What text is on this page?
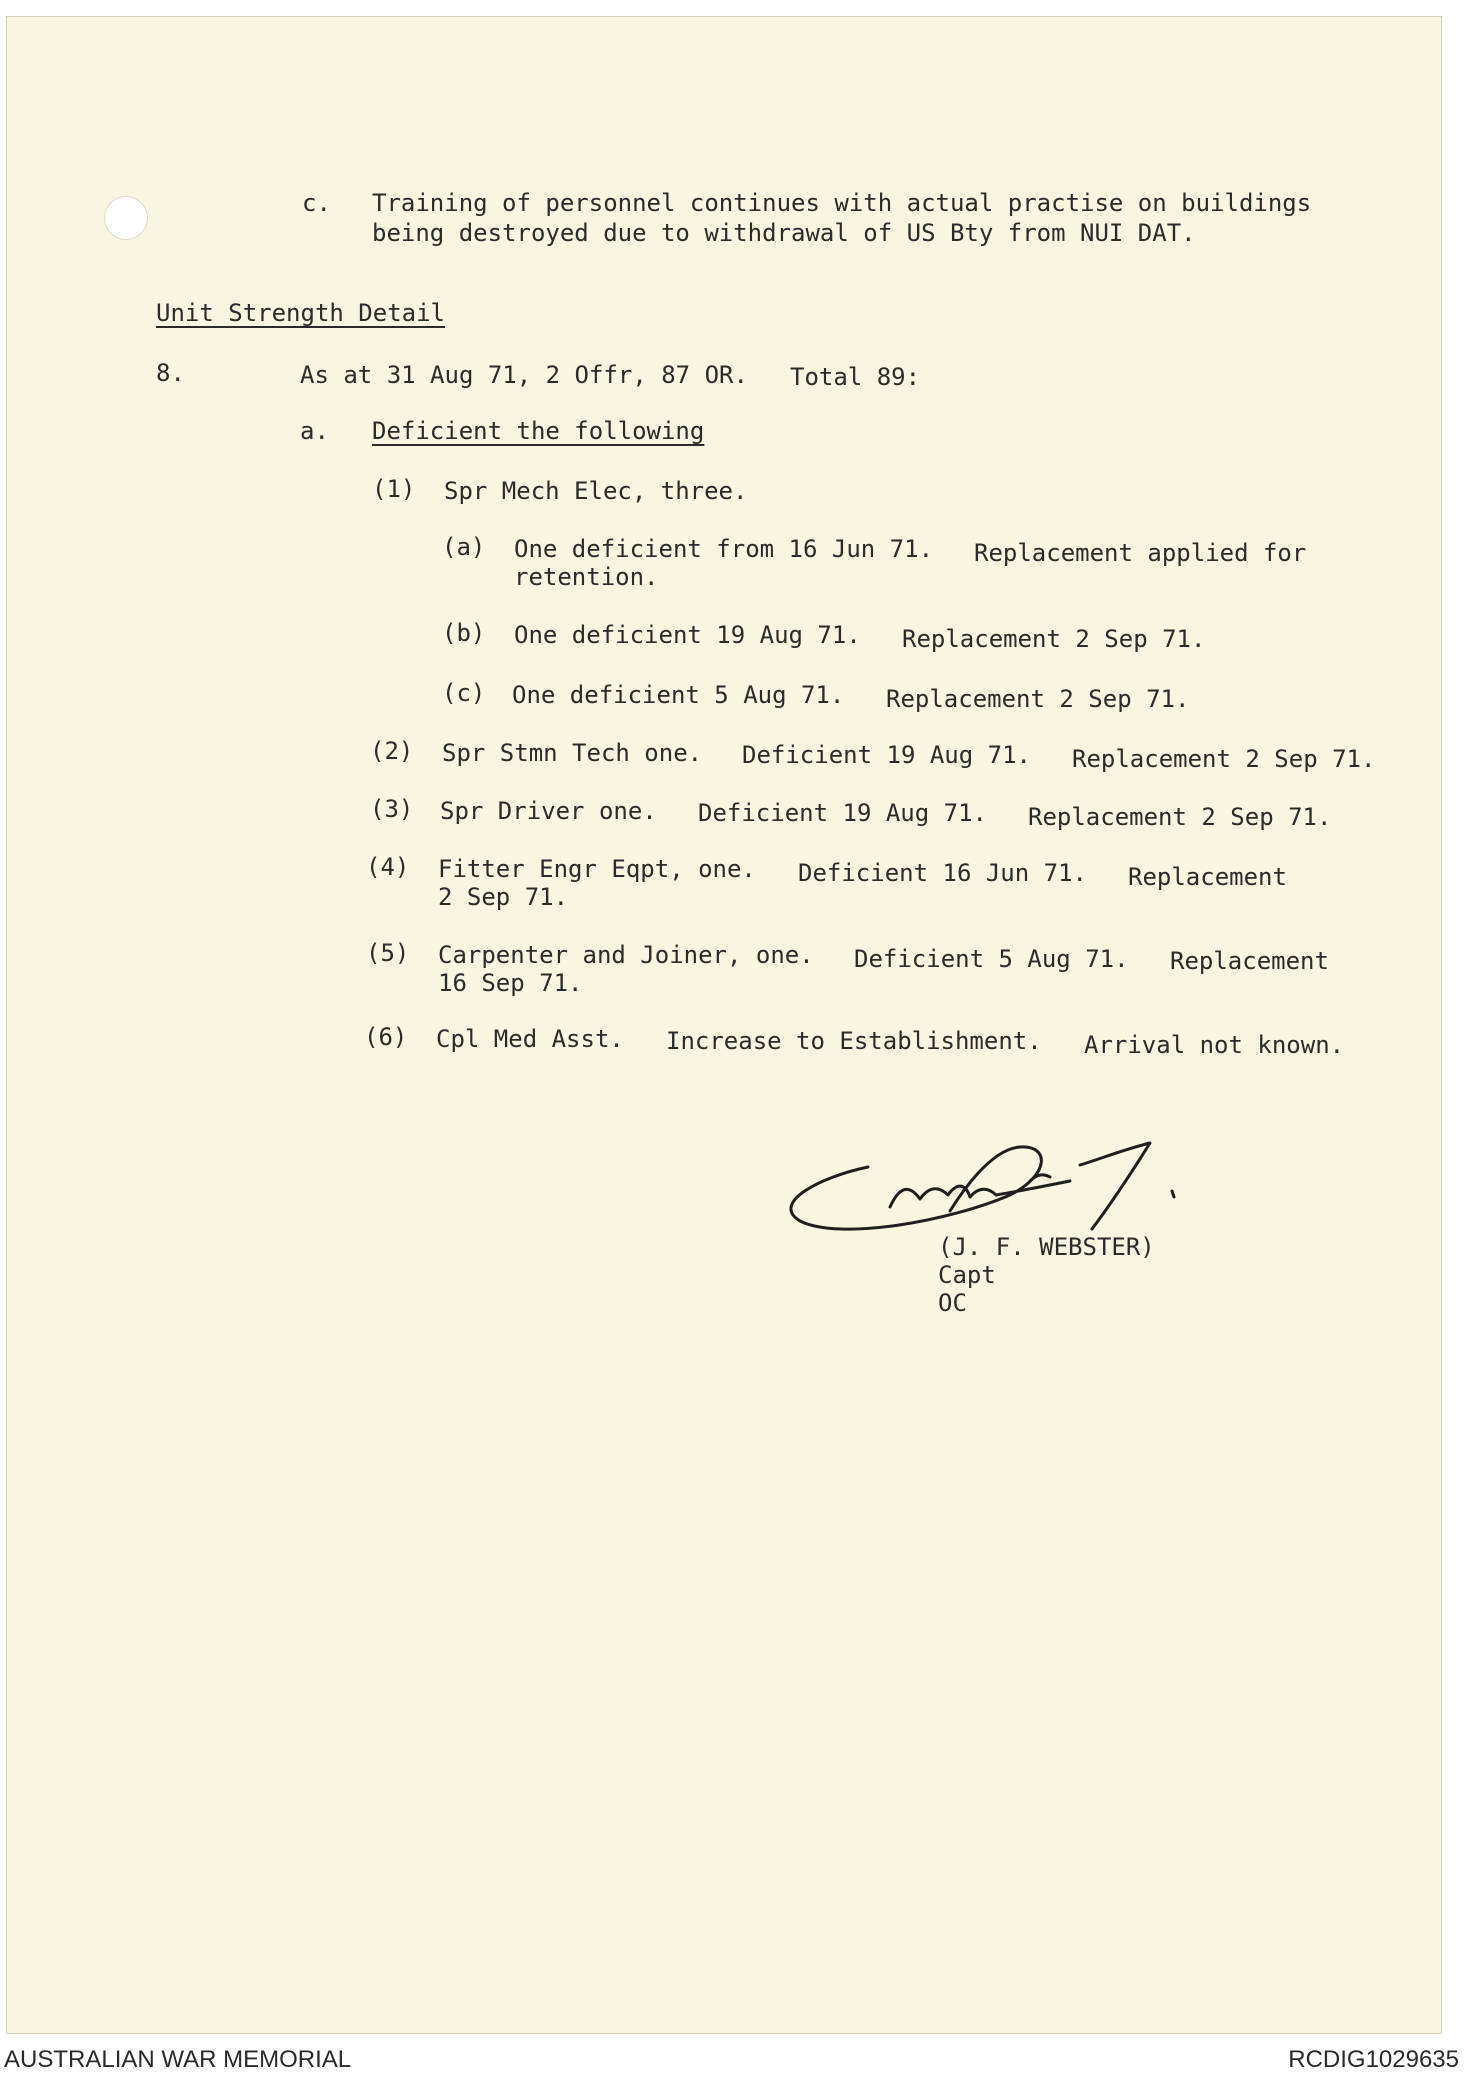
c. Training of personnel continues with actual practise on buildings
being destroyed due to withdrawal of US Bty from NUI DAT.
Unit Strength Detail
8.	As at 31 Aug 71, 2 Offr, 87 OR. Total 89:
a. Deficient the following
(1) Spr Mech Elec, three.
(a) One deficient from 16 Jun 71. Replacement applied for
retention.
(b) One deficient 19 Aug 71. Replacement 2 Sep 71.
(c) One deficient 5 Aug 71. Replacement 2 Sep 71.
(2) Spr Stmn Tech one. Deficient 19 Aug 71. Replacement 2 Sep 71.
(3) Spr Driver one. Deficient 19 Aug 71. Replacement 2 Sep 71.
(4) Fitter Engr Eqpt, one. Deficient 16 Jun 71. Replacement
2 Sep 71.
(5) Carpenter and Joiner, one. Deficient 5 Aug 71. Replacement
16 Sep 71.
(6) Cpl Med Asst. Increase to Establishment. Arrival not known.
(J. F. WEBSTER)
Capt
OC
AUSTRALIAN WAR MEMORIAL	RCDIG1029635
